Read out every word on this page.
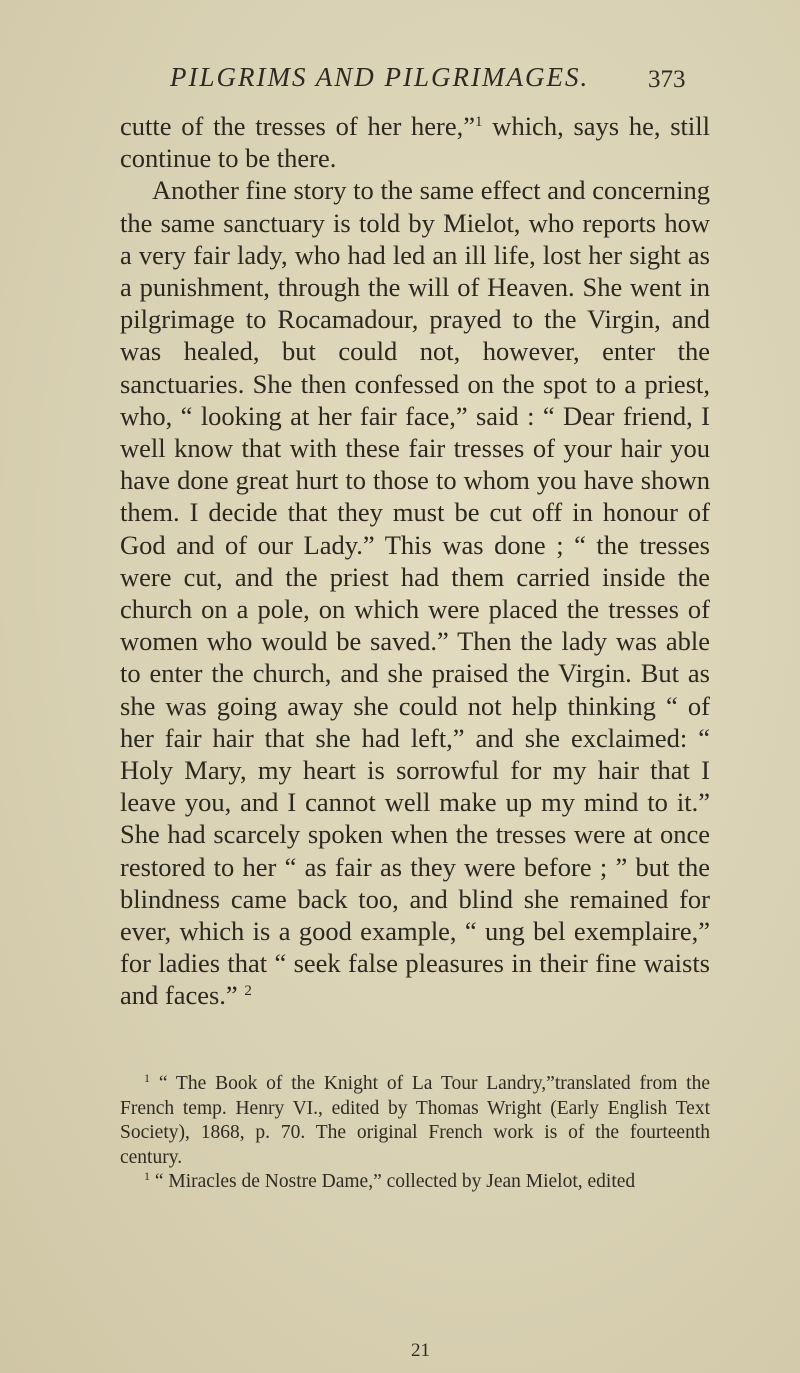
PILGRIMS AND PILGRIMAGES. 373

cutte of the tresses of her here,”$^1$ which, says he, still continue to be there.

Another fine story to the same effect and concerning the same sanctuary is told by Mielot, who reports how a very fair lady, who had led an ill life, lost her sight as a punishment, through the will of Heaven. She went in pilgrimage to Rocamadour, prayed to the Virgin, and was healed, but could not, however, enter the sanctuaries. She then confessed on the spot to a priest, who, “ looking at her fair face,” said : “ Dear friend, I well know that with these fair tresses of your hair you have done great hurt to those to whom you have shown them. I decide that they must be cut off in honour of God and of our Lady.” This was done ; “ the tresses were cut, and the priest had them carried inside the church on a pole, on which were placed the tresses of women who would be saved.” Then the lady was able to enter the church, and she praised the Virgin. But as she was going away she could not help thinking “ of her fair hair that she had left,” and she exclaimed: “ Holy Mary, my heart is sorrowful for my hair that I leave you, and I cannot well make up my mind to it.” She had scarcely spoken when the tresses were at once restored to her “ as fair as they were before ; ” but the blindness came back too, and blind she remained for ever, which is a good example, “ ung bel exemplaire,” for ladies that “ seek false pleasures in their fine waists and faces.” $^2$

$^1$ “ The Book of the Knight of La Tour Landry,”translated from the French temp. Henry VI., edited by Thomas Wright (Early English Text Society), 1868, p. 70. The original French work is of the fourteenth century.

$^1$ “ Miracles de Nostre Dame,” collected by Jean Mielot, edited

21
